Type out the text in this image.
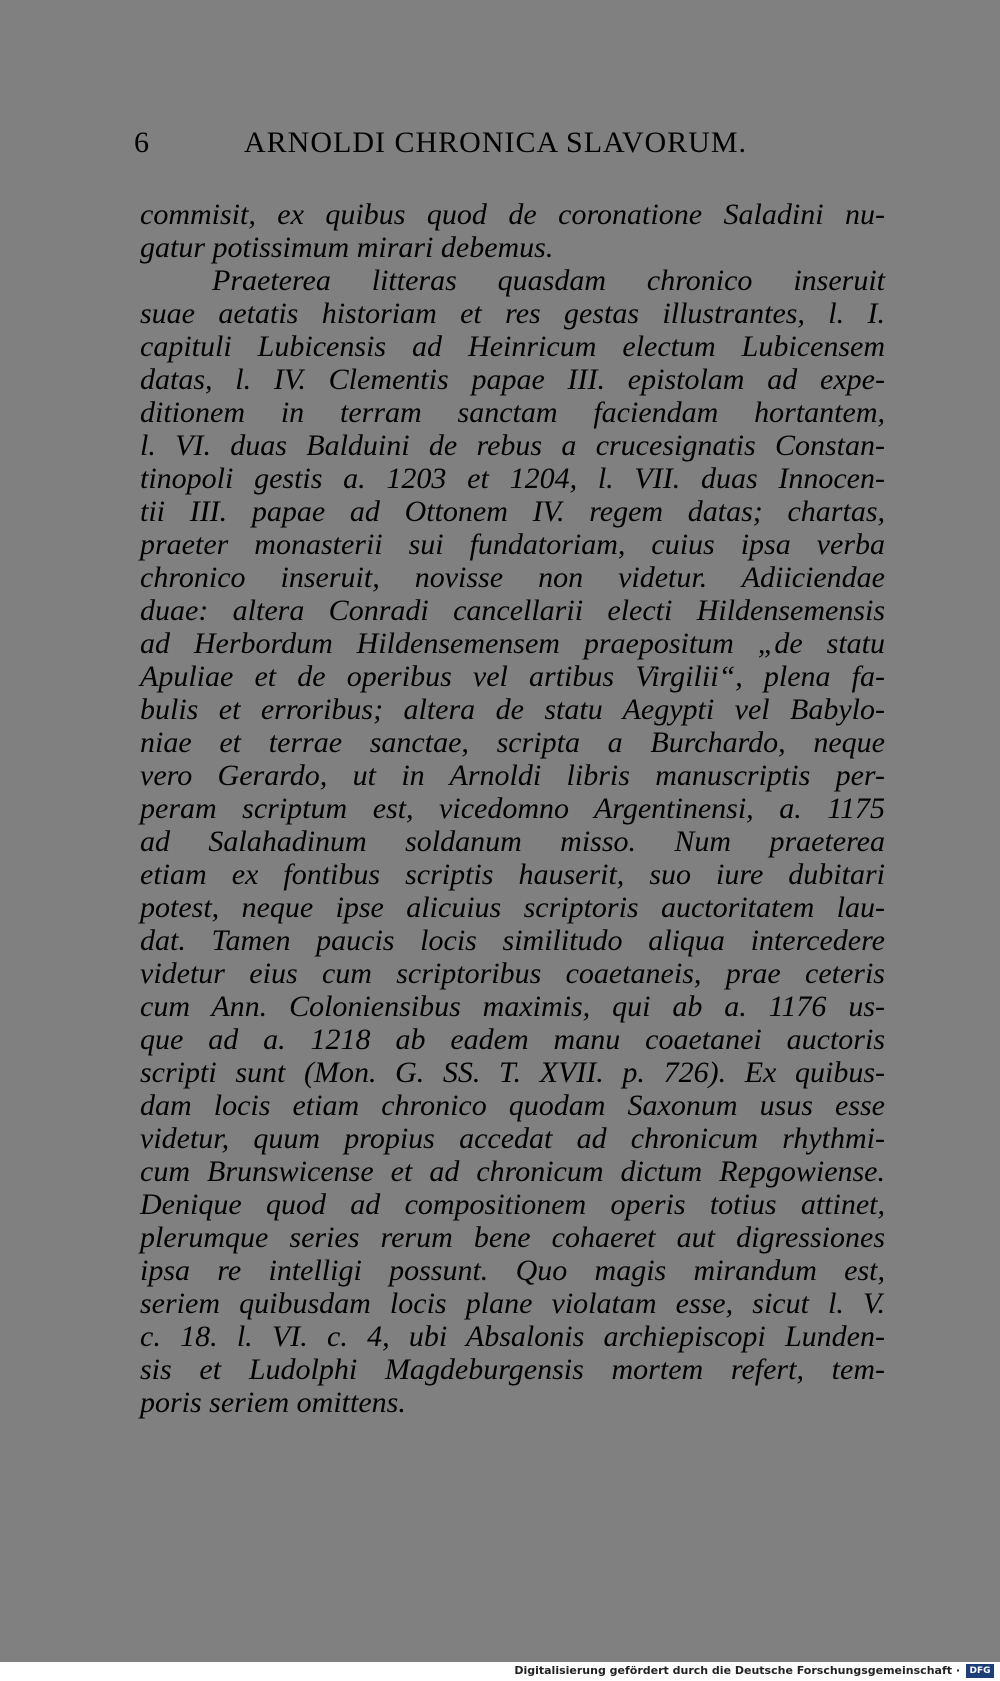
6	ARNOLDI CHRONICA SLAVORUM.
commisit, ex quibus quod de coronatione Saladini nu-
gatur potissimum mirari debemus.
Praeterea litteras quasdam chronico inseruit
suae aetatis historiam et res gestas illustrantes, l. I.
capituli Lubicensis ad Heinricum electum Lubicensem
datas, l. IV. Clementis papae III. epistolam ad expe-
ditionem in terram sanctam faciendam hortantem,
l. VI. duas Balduini de rebus a crucesignatis Constan-
tinopoli gestis a. 1203 et 1204, l. VII. duas Innocen-
tii III. papae ad Ottonem IV. regem datas; chartas,
praeter monasterii sui fundatoriam, cuius ipsa verba
chronico inseruit, novisse non videtur. Adiiciendae
duae: altera Conradi cancellarii electi Hildensemensis
ad Herbordum Hildensemensem praepositum „de statu
Apuliae et de operibus vel artibus Virgilii“, plena fa-
bulis et erroribus; altera de statu Aegypti vel Babylo-
niae et terrae sanctae, scripta a Burchardo, neque
vero Gerardo, ut in Arnoldi libris manuscriptis per-
peram scriptum est, vicedomno Argentinensi, a. 1175
ad Salahadinum soldanum misso. Num praeterea
etiam ex fontibus scriptis hauserit, suo iure dubitari
potest, neque ipse alicuius scriptoris auctoritatem lau-
dat. Tamen paucis locis similitudo aliqua intercedere
videtur eius cum scriptoribus coaetaneis, prae ceteris
cum Ann. Coloniensibus maximis, qui ab a. 1176 us-
que ad a. 1218 ab eadem manu coaetanei auctoris
scripti sunt (Mon. G. SS. T. XVII. p. 726). Ex quibus-
dam locis etiam chronico quodam Saxonum usus esse
videtur, quum propius accedat ad chronicum rhythmi-
cum Brunswicense et ad chronicum dictum Repgowiense.
Denique quod ad compositionem operis totius attinet,
plerumque series rerum bene cohaeret aut digressiones
ipsa re intelligi possunt. Quo magis mirandum est,
seriem quibusdam locis plane violatam esse, sicut l. V.
c. 18. l. VI. c. 4, ubi Absalonis archiepiscopi Lunden-
sis et Ludolphi Magdeburgensis mortem refert, tem-
poris seriem omittens.
Digitalisierung gefördert durch die Deutsche Forschungsgemeinschaft ·	DFG
